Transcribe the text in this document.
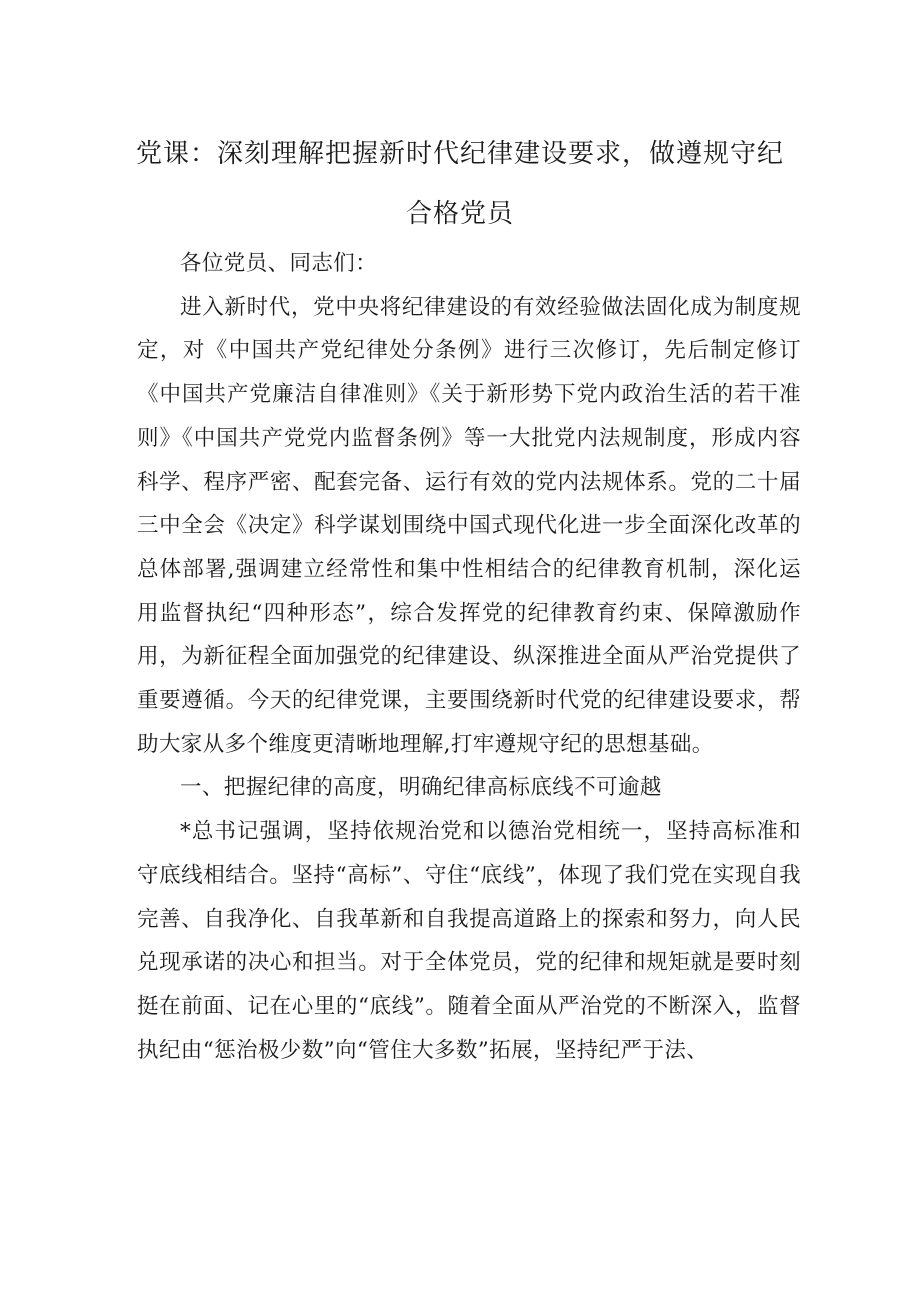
党课：深刻理解把握新时代纪律建设要求，做遵规守纪合格党员

各位党员、同志们：

进入新时代，党中央将纪律建设的有效经验做法固化成为制度规定，对《中国共产党纪律处分条例》进行三次修订，先后制定修订《中国共产党廉洁自律准则》《关于新形势下党内政治生活的若干准则》《中国共产党党内监督条例》等一大批党内法规制度，形成内容科学、程序严密、配套完备、运行有效的党内法规体系。党的二十届三中全会《决定》科学谋划围绕中国式现代化进一步全面深化改革的总体部署,强调建立经常性和集中性相结合的纪律教育机制，深化运用监督执纪“四种形态”，综合发挥党的纪律教育约束、保障激励作用，为新征程全面加强党的纪律建设、纵深推进全面从严治党提供了重要遵循。今天的纪律党课，主要围绕新时代党的纪律建设要求，帮助大家从多个维度更清晰地理解,打牢遵规守纪的思想基础。

一、把握纪律的高度，明确纪律高标底线不可逾越

*总书记强调，坚持依规治党和以德治党相统一，坚持高标准和守底线相结合。坚持“高标”、守住“底线”，体现了我们党在实现自我完善、自我净化、自我革新和自我提高道路上的探索和努力，向人民兑现承诺的决心和担当。对于全体党员，党的纪律和规矩就是要时刻挺在前面、记在心里的“底线”。随着全面从严治党的不断深入，监督执纪由“惩治极少数”向“管住大多数”拓展，坚持纪严于法、
